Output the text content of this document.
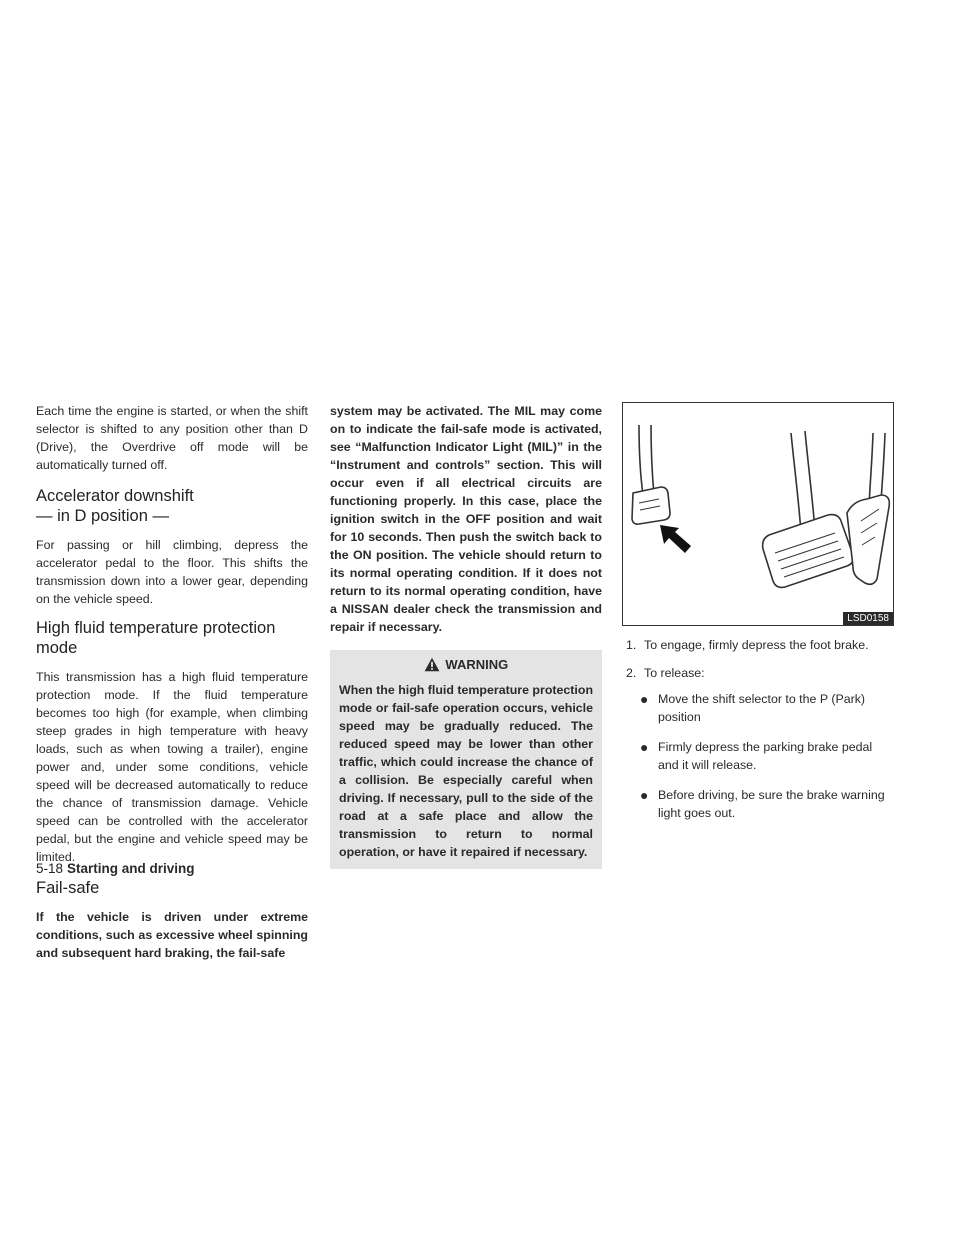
Each time the engine is started, or when the shift selector is shifted to any position other than D (Drive), the Overdrive off mode will be automatically turned off.

Accelerator downshift
— in D position —

For passing or hill climbing, depress the accelerator pedal to the floor. This shifts the transmission down into a lower gear, depending on the vehicle speed.

High fluid temperature protection
mode

This transmission has a high fluid temperature protection mode. If the fluid temperature becomes too high (for example, when climbing steep grades in high temperature with heavy loads, such as when towing a trailer), engine power and, under some conditions, vehicle speed will be decreased automatically to reduce the chance of transmission damage. Vehicle speed can be controlled with the accelerator pedal, but the engine and vehicle speed may be limited.

Fail-safe

If the vehicle is driven under extreme conditions, such as excessive wheel spinning and subsequent hard braking, the fail-safe

system may be activated. The MIL may come on to indicate the fail-safe mode is activated, see “Malfunction Indicator Light (MIL)” in the “Instrument and controls” section. This will occur even if all electrical circuits are functioning properly. In this case, place the ignition switch in the OFF position and wait for 10 seconds. Then push the switch back to the ON position. The vehicle should return to its normal operating condition. If it does not return to its normal operating condition, have a NISSAN dealer check the transmission and repair if necessary.

WARNING

When the high fluid temperature protection mode or fail-safe operation occurs, vehicle speed may be gradually reduced. The reduced speed may be lower than other traffic, which could increase the chance of a collision. Be especially careful when driving. If necessary, pull to the side of the road at a safe place and allow the transmission to return to normal operation, or have it repaired if necessary.

LSD0158
1. To engage, firmly depress the foot brake.
2. To release:
● Move the shift selector to the P (Park) position
● Firmly depress the parking brake pedal and it will release.
● Before driving, be sure the brake warning light goes out.
5-18 Starting and driving
